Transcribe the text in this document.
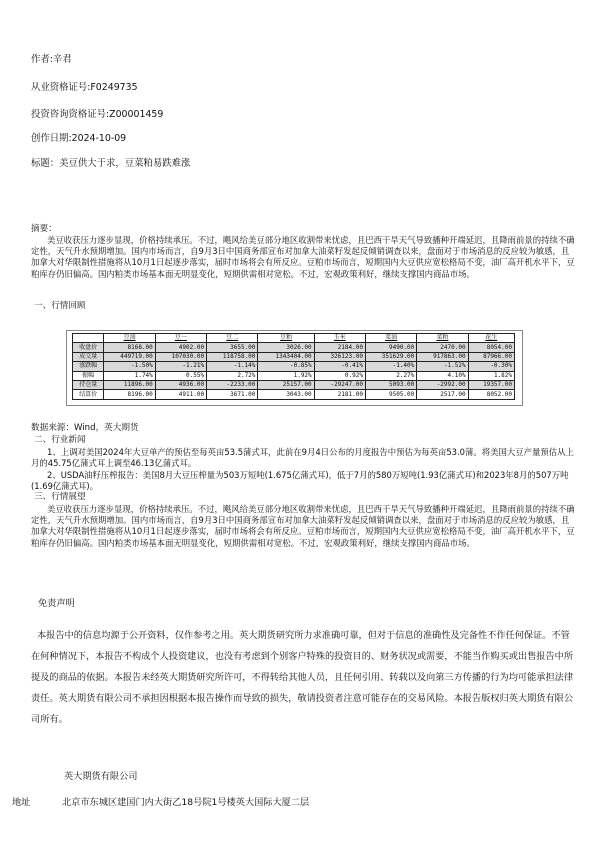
作者:辛君
从业资格证号:F0249735
投资咨询资格证号:Z00001459
创作日期:2024-10-09
标题：美豆供大于求，豆菜粕易跌难涨
摘要：
美豆收获压力逐步显现，价格持续承压。不过，飓风给美豆部分地区收割带来忧虑，且巴西干旱天气导致播种开端延迟，且降雨前景的持续不确定性，天气升水预期增加。国内市场而言，自9月3日中国商务部宣布对加拿大油菜籽发起反倾销调查以来，盘面对于市场消息的反应较为敏感，且加拿大对华限制性措施将从10月1日起逐步落实，届时市场将会有所反应。豆粕市场而言，短期国内大豆供应宽松格局不变，油厂高开机水平下，豆粕库存仍旧偏高。国内粕类市场基本面无明显变化，短期供需相对宽松。不过，宏观政策利好，继续支撑国内商品市场。
一、行情回顾
	豆油	豆一	豆二	豆粕	玉米	菜油	菜粕	花生
收盘价	8168.00	4902.00	3655.00	3026.00	2184.00	9490.00	2470.00	8054.00
成交量	449719.00	107030.00	118758.00	1343404.00	326123.00	351629.00	917863.00	87966.00
涨跌幅	-1.50%	-1.21%	-1.14%	-0.85%	-0.41%	-1.40%	-1.52%	-0.30%
振幅	1.74%	0.55%	2.72%	1.92%	0.92%	2.27%	4.10%	1.82%
持仓量	11896.00	4936.00	-2233.00	25157.00	-29247.00	5093.00	-2992.00	19357.00
结算价	8196.00	4911.00	3671.00	3043.00	2181.00	9505.00	2517.00	8052.00
数据来源：Wind，英大期货
二、行业新闻
1、上调对美国2024年大豆单产的预估至每英亩53.5蒲式耳，此前在9月4日公布的月度报告中预估为每英亩53.0蒲。将美国大豆产量预估从上月的45.75亿蒲式耳上调至46.13亿蒲式耳。
2、USDA油籽压榨报告：美国8月大豆压榨量为503万短吨(1.675亿蒲式耳)，低于7月的580万短吨(1.93亿蒲式耳)和2023年8月的507万吨(1.69亿蒲式耳)。
三、行情展望
美豆收获压力逐步显现，价格持续承压。不过，飓风给美豆部分地区收割带来忧虑，且巴西干旱天气导致播种开端延迟，且降雨前景的持续不确定性，天气升水预期增加。国内市场而言，自9月3日中国商务部宣布对加拿大油菜籽发起反倾销调查以来，盘面对于市场消息的反应较为敏感，且加拿大对华限制性措施将从10月1日起逐步落实，届时市场将会有所反应。豆粕市场而言，短期国内大豆供应宽松格局不变，油厂高开机水平下，豆粕库存仍旧偏高。国内粕类市场基本面无明显变化，短期供需相对宽松。不过，宏观政策利好，继续支撑国内商品市场。
免责声明
本报告中的信息均源于公开资料，仅作参考之用。英大期货研究所力求准确可靠，但对于信息的准确性及完备性不作任何保证。不管在何种情况下，本报告不构成个人投资建议，也没有考虑到个别客户特殊的投资目的、财务状况或需要，不能当作购买或出售报告中所提及的商品的依据。本报告未经英大期货研究所许可，不得转给其他人员，且任何引用、转载以及向第三方传播的行为均可能承担法律责任。英大期货有限公司不承担因根据本报告操作而导致的损失，敬请投资者注意可能存在的交易风险。本报告版权归英大期货有限公司所有。
英大期货有限公司
地址	北京市东城区建国门内大街乙18号院1号楼英大国际大厦二层
